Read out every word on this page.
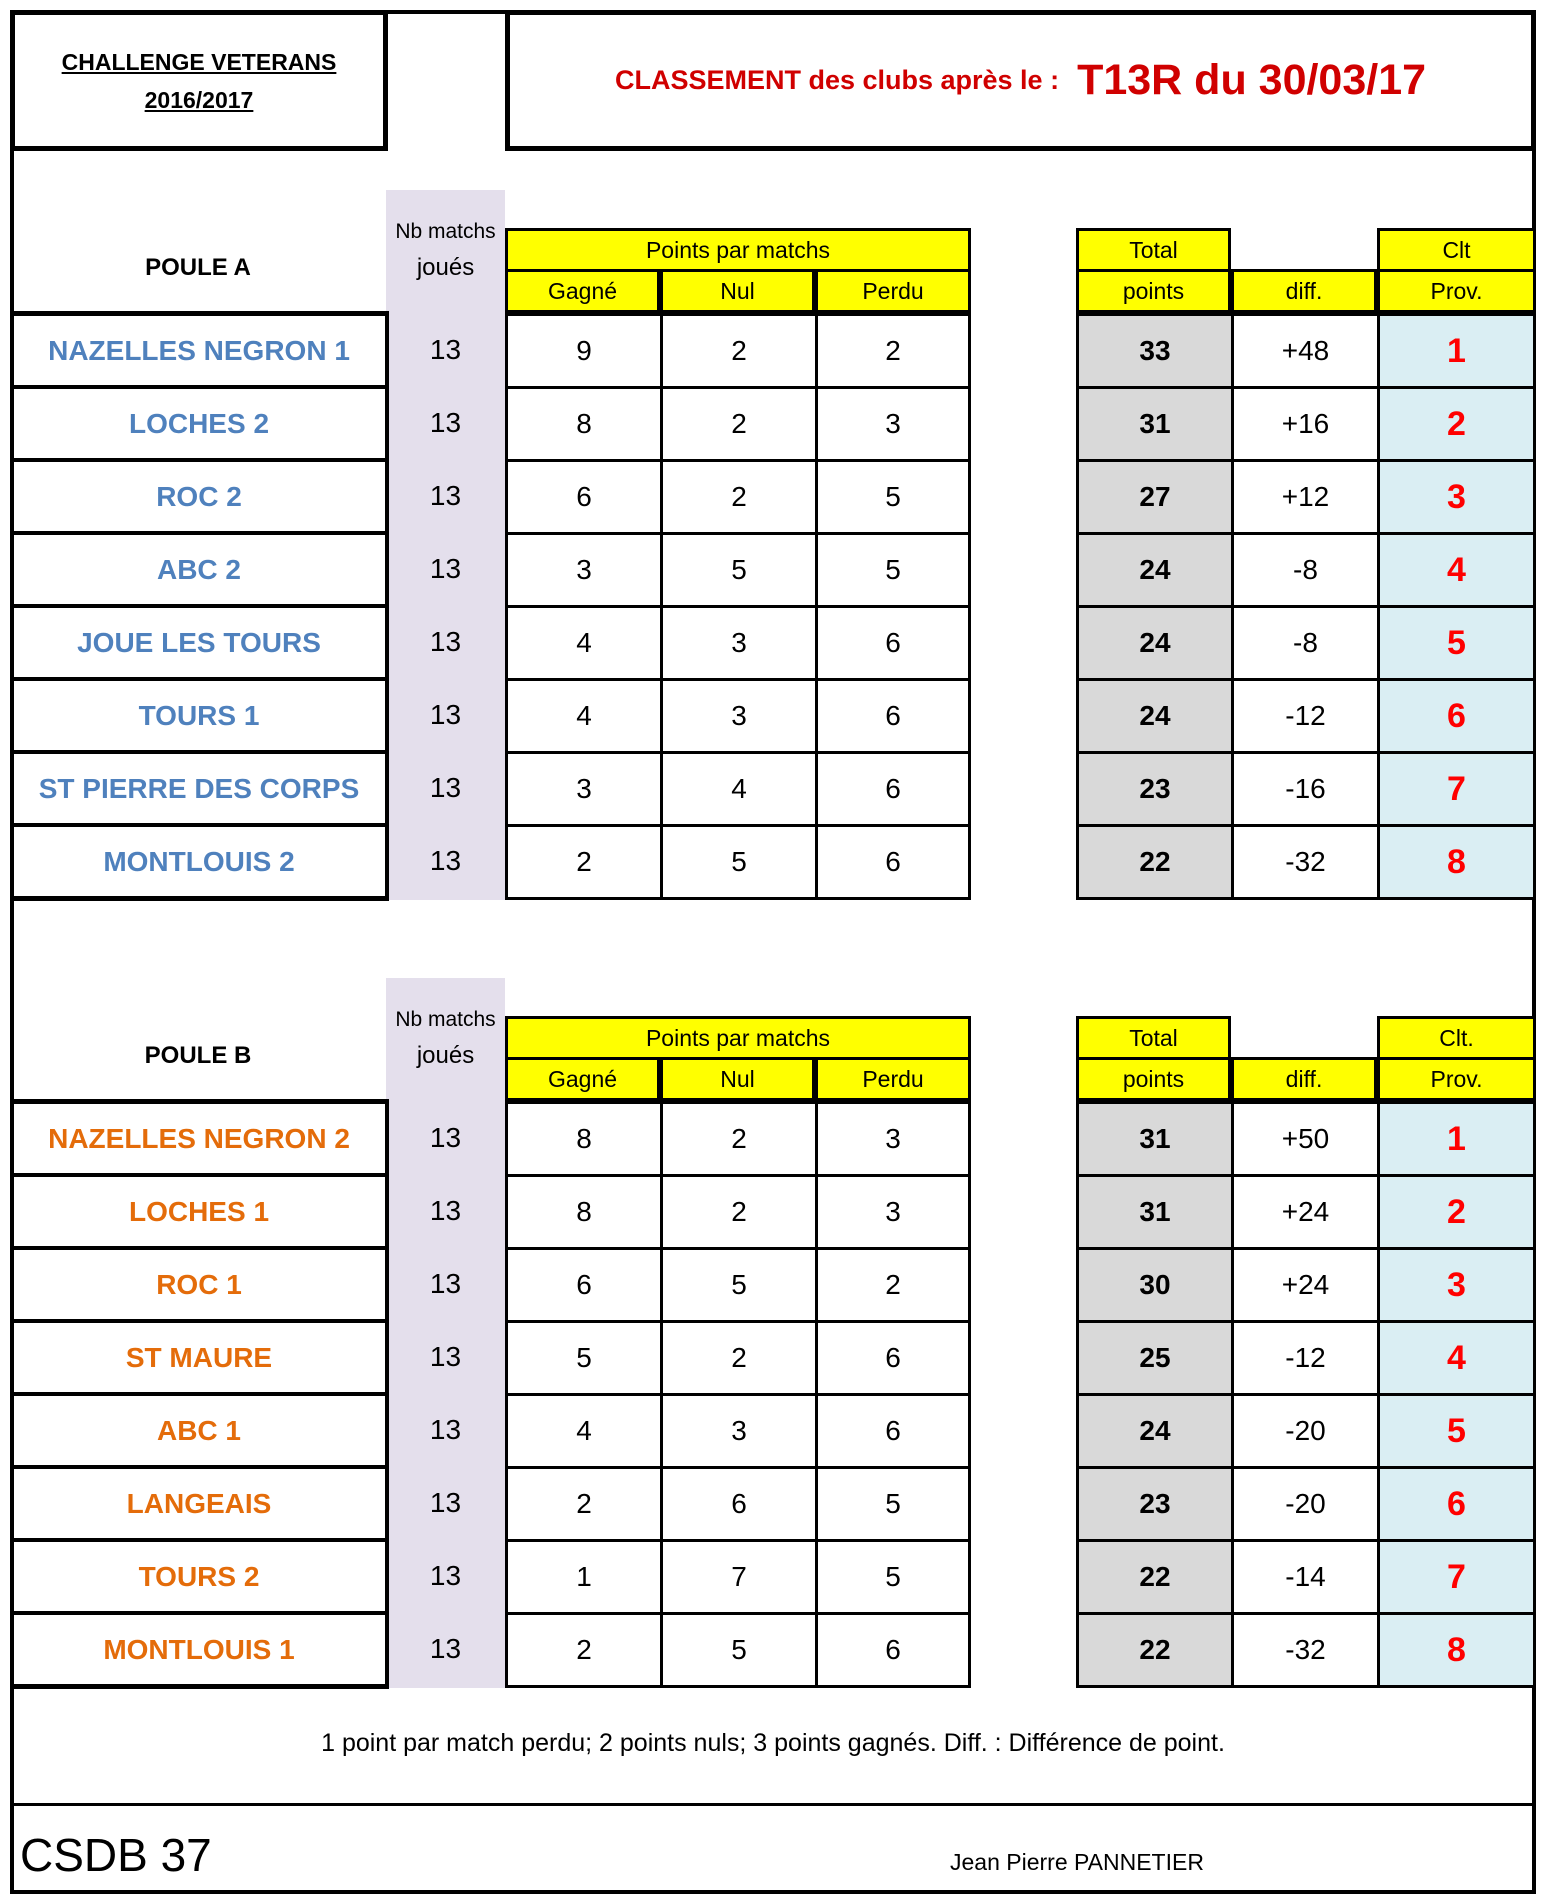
CHALLENGE VETERANS
2016/2017
CLASSEMENT des clubs après le : T13R du 30/03/17
POULE A
Nb matchs
joués
Points par matchs
Gagné	Nul	Perdu
Total
points	diff.
Clt
Prov.
NAZELLES NEGRON 1	13	9	2	2	33	+48	1
LOCHES 2	13	8	2	3	31	+16	2
ROC 2	13	6	2	5	27	+12	3
ABC 2	13	3	5	5	24	-8	4
JOUE LES TOURS	13	4	3	6	24	-8	5
TOURS 1	13	4	3	6	24	-12	6
ST PIERRE DES CORPS	13	3	4	6	23	-16	7
MONTLOUIS 2	13	2	5	6	22	-32	8
POULE B
Nb matchs
joués
Points par matchs
Gagné	Nul	Perdu
Total
points	diff.
Clt.
Prov.
NAZELLES NEGRON 2	13	8	2	3	31	+50	1
LOCHES 1	13	8	2	3	31	+24	2
ROC 1	13	6	5	2	30	+24	3
ST MAURE	13	5	2	6	25	-12	4
ABC 1	13	4	3	6	24	-20	5
LANGEAIS	13	2	6	5	23	-20	6
TOURS 2	13	1	7	5	22	-14	7
MONTLOUIS 1	13	2	5	6	22	-32	8
1 point par match perdu; 2 points nuls; 3 points gagnés. Diff. : Différence de point.
CSDB 37	Jean Pierre PANNETIER
